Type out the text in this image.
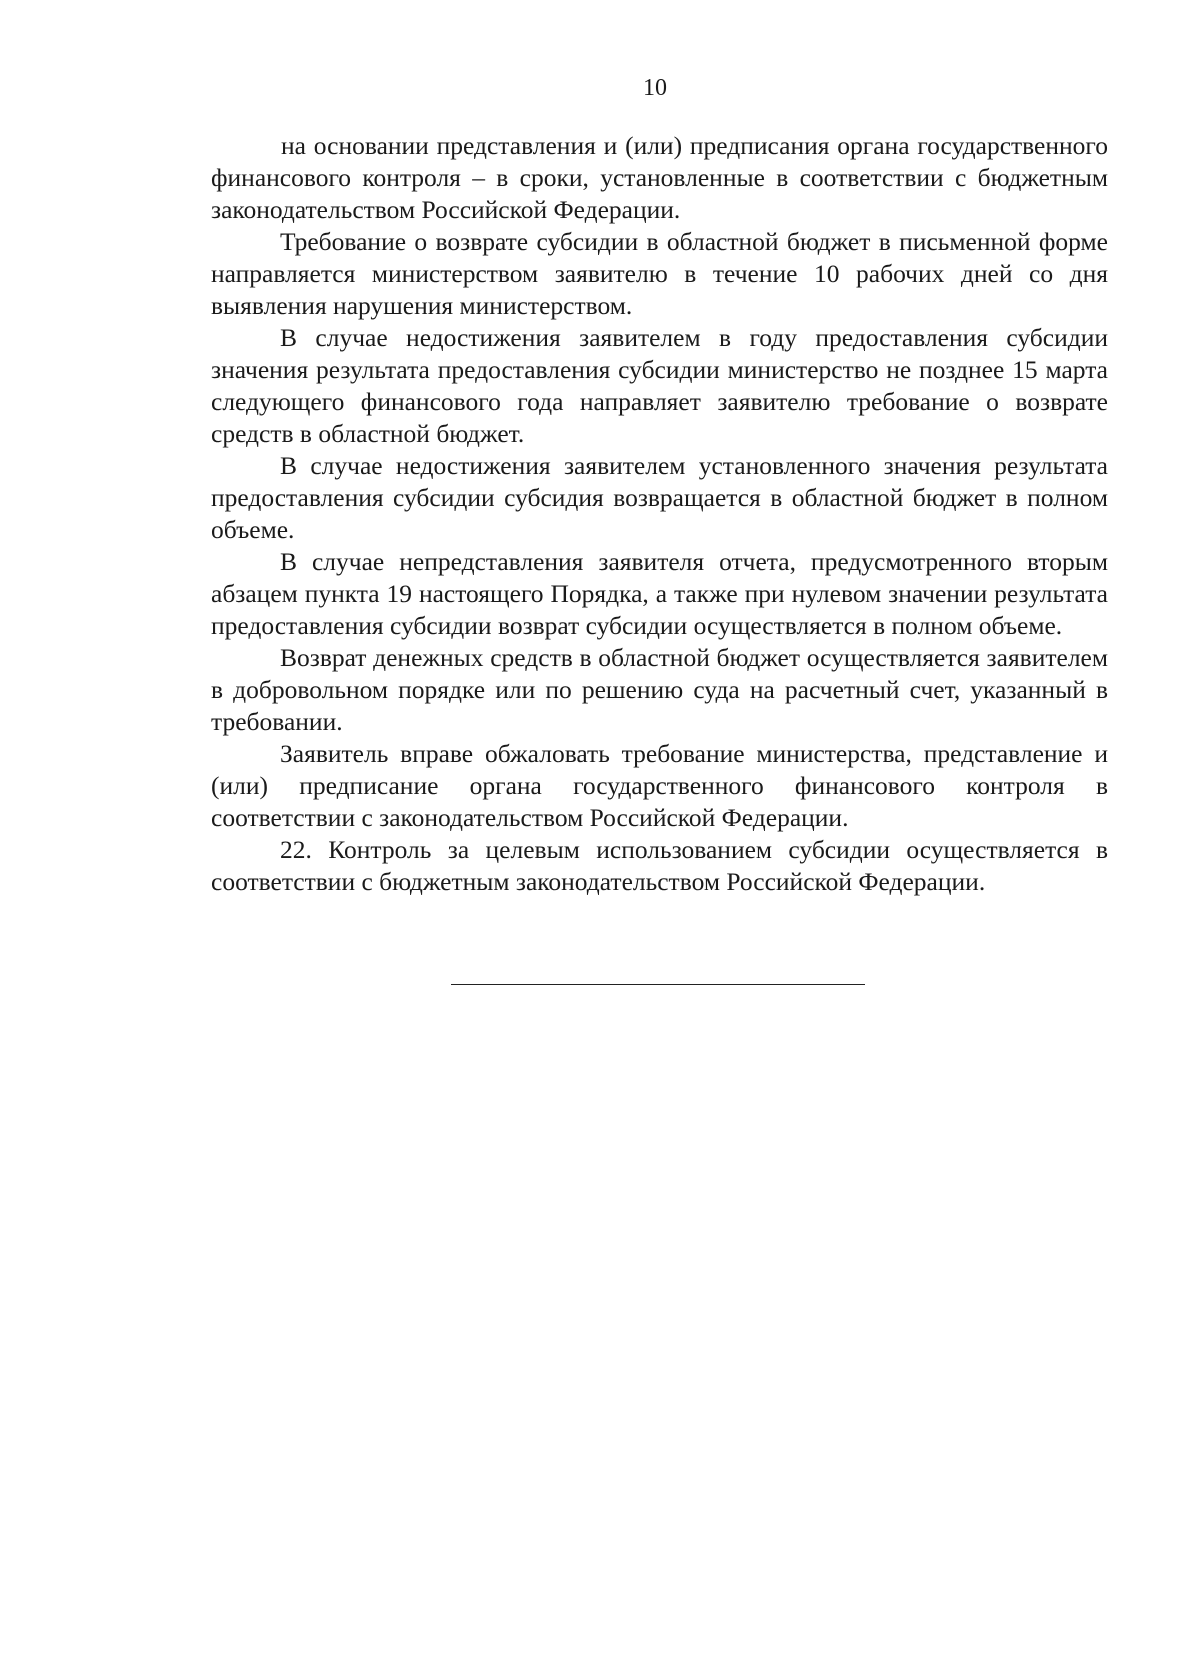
10

на основании представления и (или) предписания органа государственного финансового контроля – в сроки, установленные в соответствии с бюджетным законодательством Российской Федерации.

Требование о возврате субсидии в областной бюджет в письменной форме направляется министерством заявителю в течение 10 рабочих дней со дня выявления нарушения министерством.

В случае недостижения заявителем в году предоставления субсидии значения результата предоставления субсидии министерство не позднее 15 марта следующего финансового года направляет заявителю требование о возврате средств в областной бюджет.

В случае недостижения заявителем установленного значения результата предоставления субсидии субсидия возвращается в областной бюджет в полном объеме.

В случае непредставления заявителя отчета, предусмотренного вторым абзацем пункта 19 настоящего Порядка, а также при нулевом значении результата предоставления субсидии возврат субсидии осуществляется в полном объеме.

Возврат денежных средств в областной бюджет осуществляется заявителем в добровольном порядке или по решению суда на расчетный счет, указанный в требовании.

Заявитель вправе обжаловать требование министерства, представление и (или) предписание органа государственного финансового контроля в соответствии с законодательством Российской Федерации.

22. Контроль за целевым использованием субсидии осуществляется в соответствии с бюджетным законодательством Российской Федерации.
